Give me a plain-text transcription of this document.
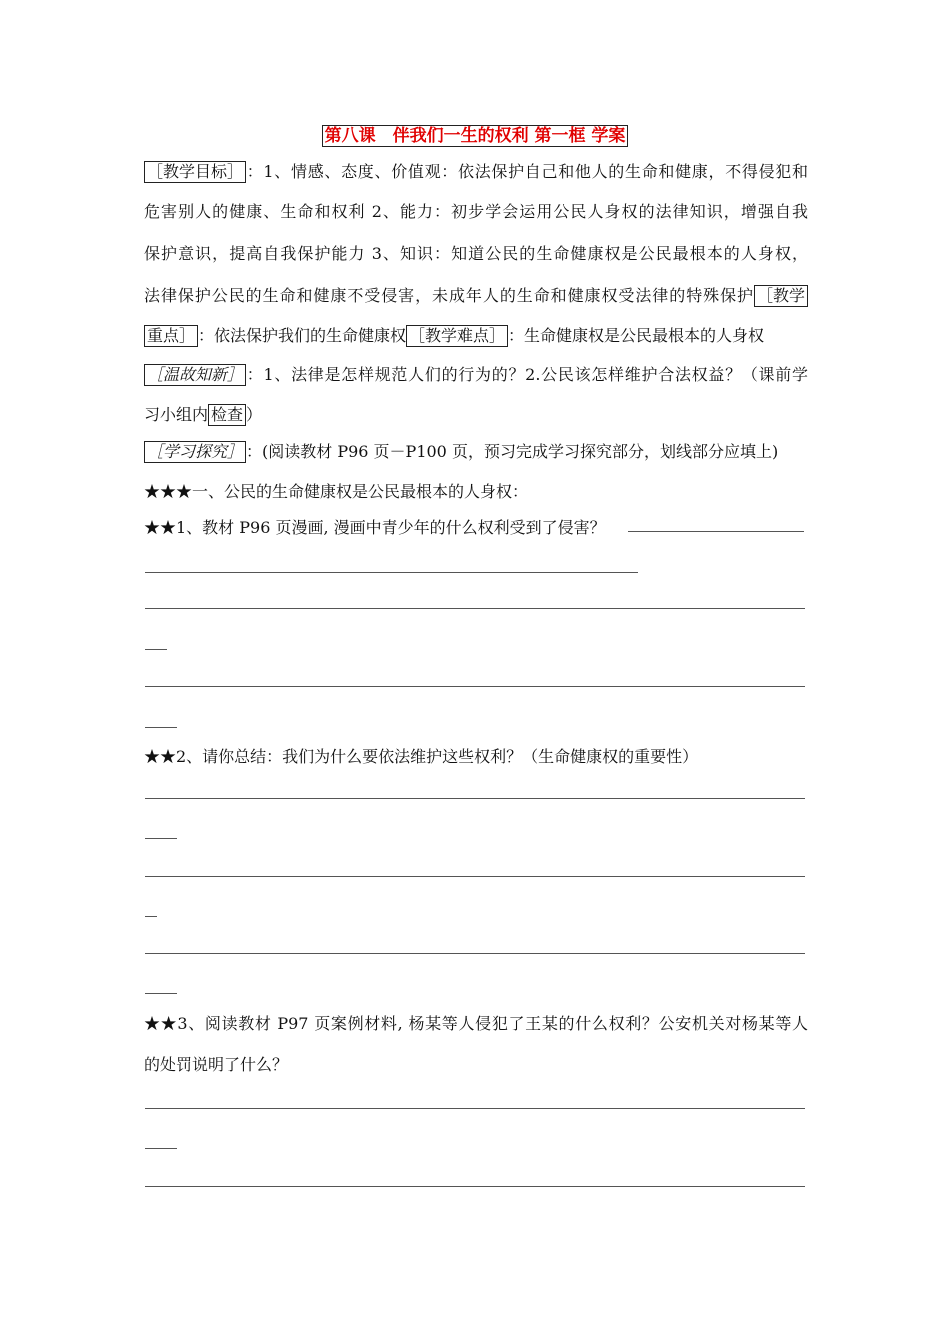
第八课　伴我们一生的权利 第一框 学案
［教学目标］ ：1、情感、态度、价值观：依法保护自己和他人的生命和健康，不得侵犯和
危害别人的健康、生命和权利 2、能力：初步学会运用公民人身权的法律知识，增强自我
保护意识，提高自我保护能力 3、知识：知道公民的生命健康权是公民最根本的人身权，
法律保护公民的生命和健康不受侵害，未成年人的生命和健康权受法律的特殊保护 ［教学
重点］ ：依法保护我们的生命健康权 ［教学难点］ ：生命健康权是公民最根本的人身权
［温故知新］ ：1、法律是怎样规范人们的行为的？2.公民该怎样维护合法权益？（课前学
习小组内 检查 ）
［学习探究］ ：(阅读教材 P96 页－P100 页，预习完成学习探究部分，划线部分应填上)
★★★一、公民的生命健康权是公民最根本的人身权：
★★1、教材 P96 页漫画, 漫画中青少年的什么权利受到了侵害？
★★2、请你总结：我们为什么要依法维护这些权利？（生命健康权的重要性）
★★3、阅读教材 P97 页案例材料, 杨某等人侵犯了王某的什么权利？公安机关对杨某等人
的处罚说明了什么？
